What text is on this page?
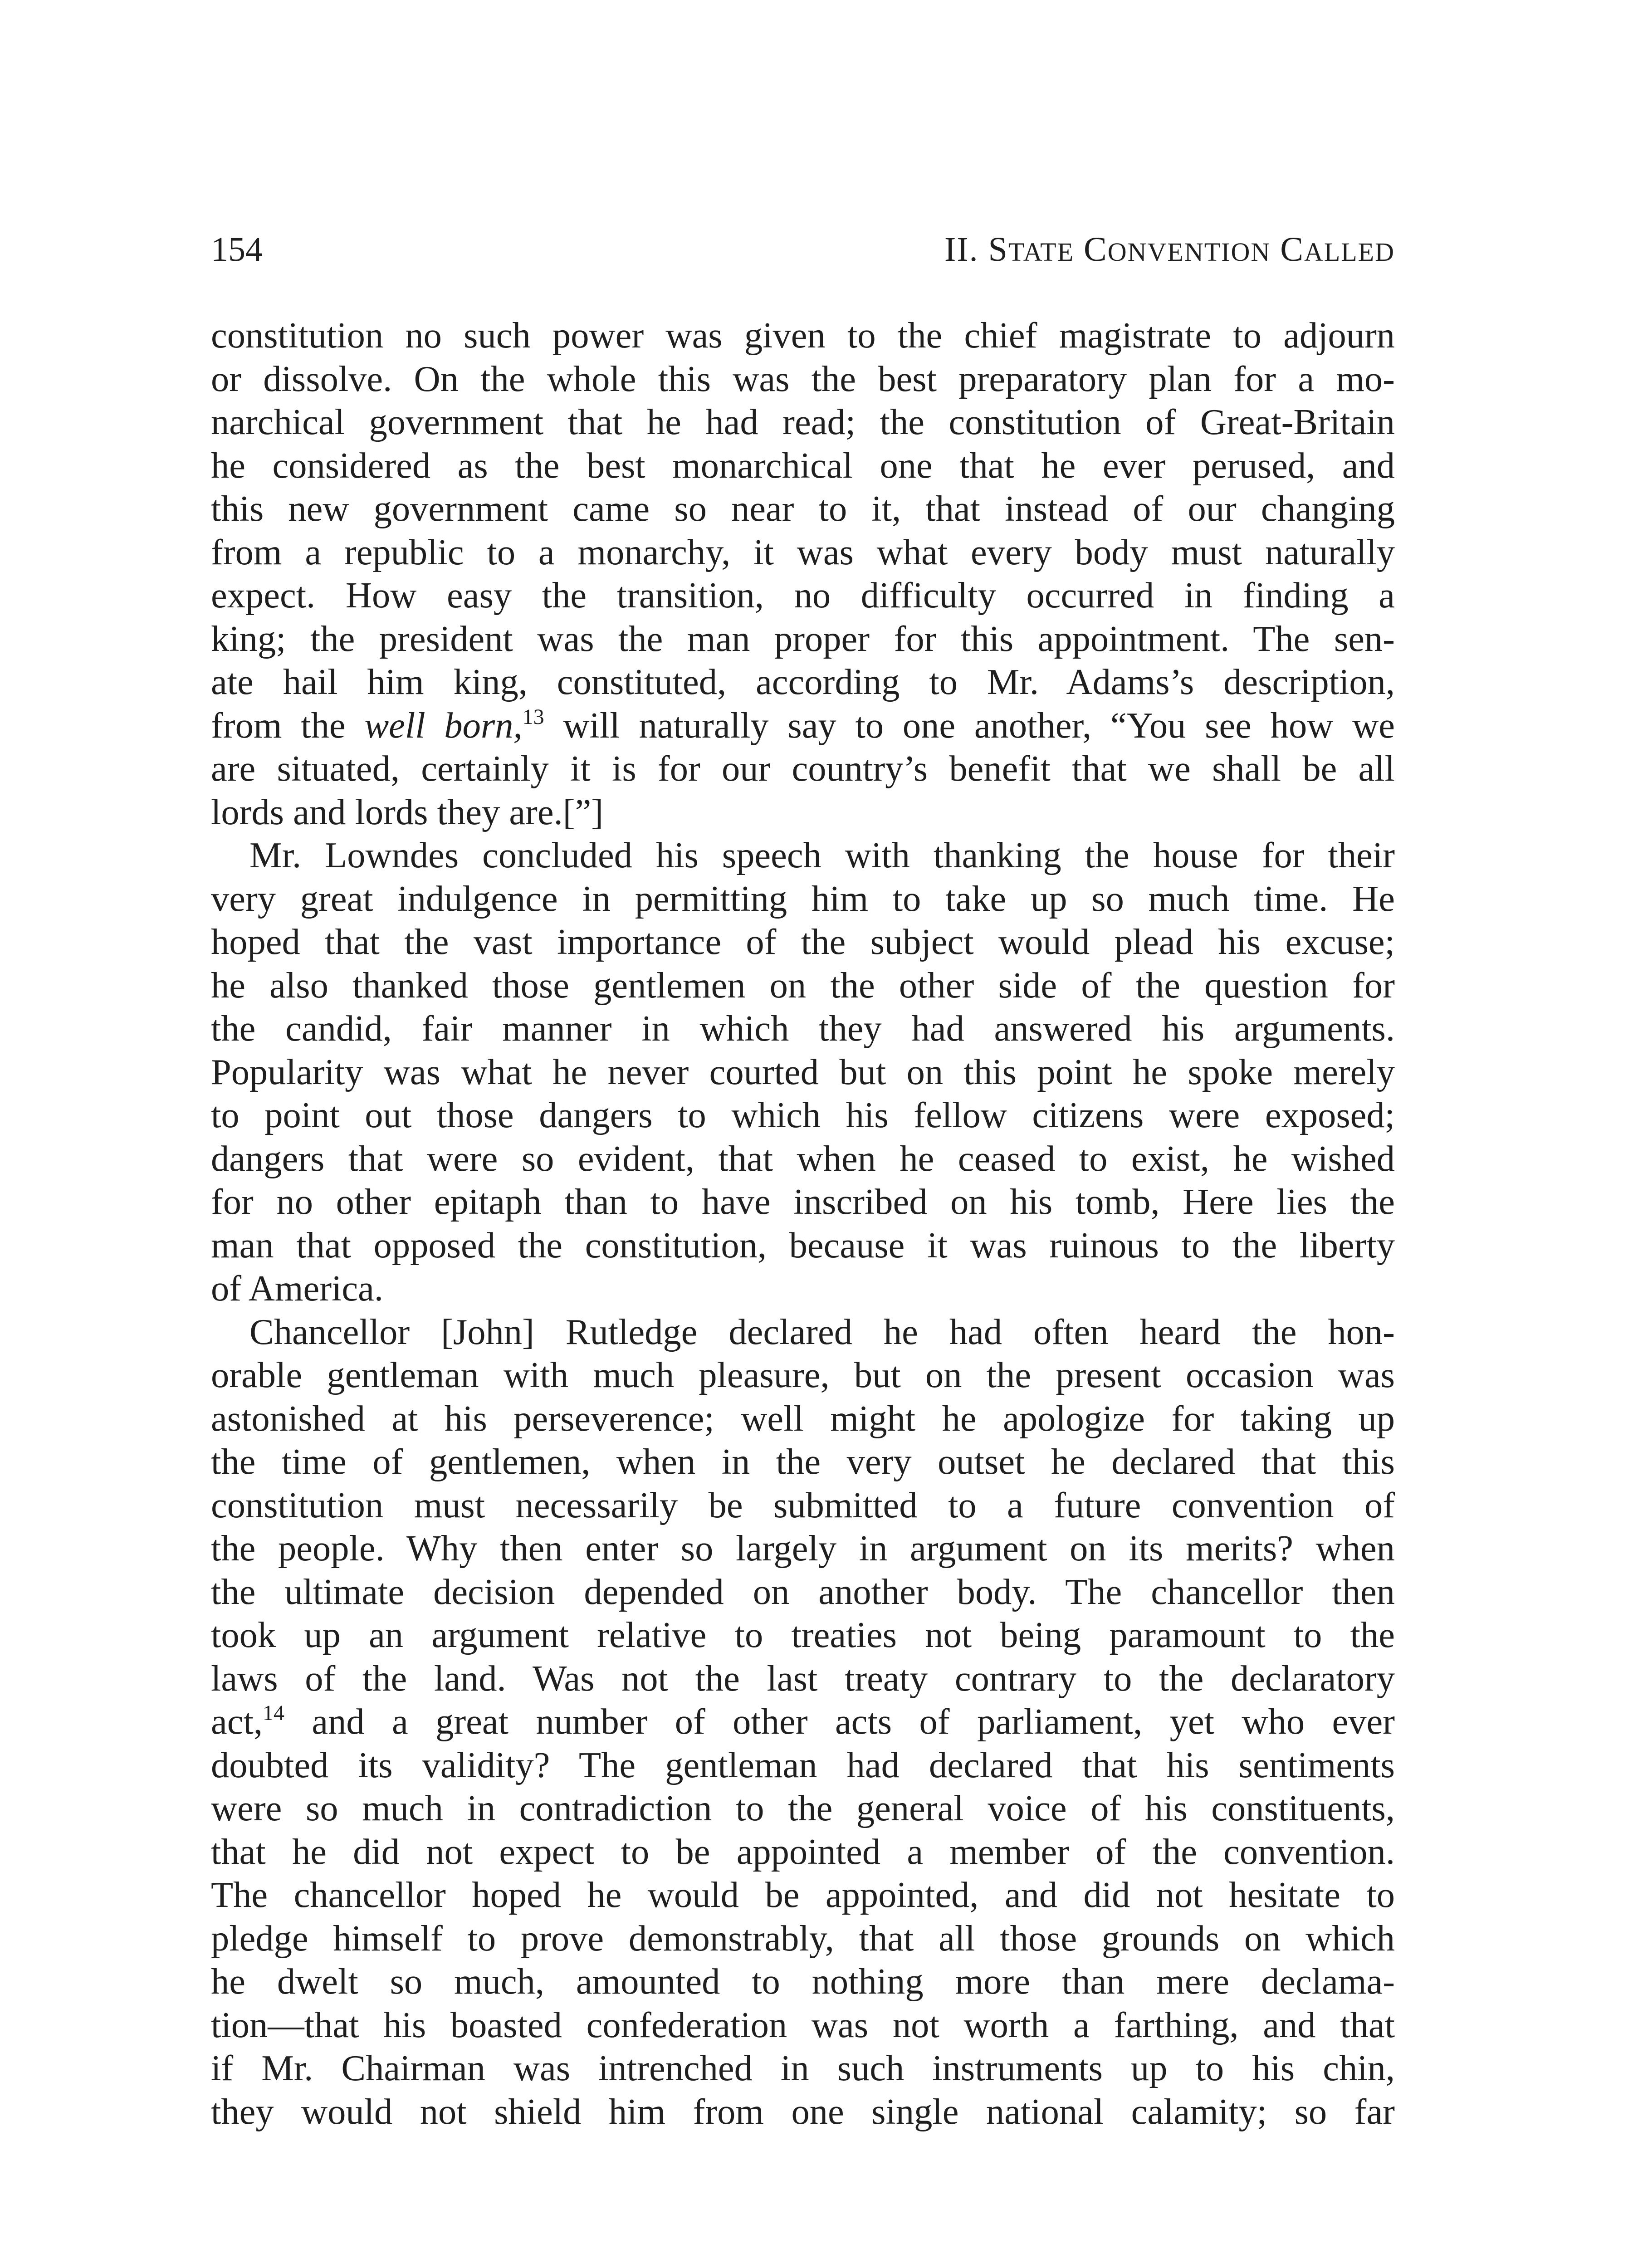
154	II. STATE CONVENTION CALLED
constitution no such power was given to the chief magistrate to adjourn
or dissolve. On the whole this was the best preparatory plan for a mo-
narchical government that he had read; the constitution of Great-Britain
he considered as the best monarchical one that he ever perused, and
this new government came so near to it, that instead of our changing
from a republic to a monarchy, it was what every body must naturally
expect. How easy the transition, no difficulty occurred in finding a
king; the president was the man proper for this appointment. The sen-
ate hail him king, constituted, according to Mr. Adams’s description,
from the well born,$^{13}$ will naturally say to one another, “You see how we
are situated, certainly it is for our country’s benefit that we shall be all
lords and lords they are.[”]
Mr. Lowndes concluded his speech with thanking the house for their
very great indulgence in permitting him to take up so much time. He
hoped that the vast importance of the subject would plead his excuse;
he also thanked those gentlemen on the other side of the question for
the candid, fair manner in which they had answered his arguments.
Popularity was what he never courted but on this point he spoke merely
to point out those dangers to which his fellow citizens were exposed;
dangers that were so evident, that when he ceased to exist, he wished
for no other epitaph than to have inscribed on his tomb, Here lies the
man that opposed the constitution, because it was ruinous to the liberty
of America.
Chancellor [John] Rutledge declared he had often heard the hon-
orable gentleman with much pleasure, but on the present occasion was
astonished at his perseverence; well might he apologize for taking up
the time of gentlemen, when in the very outset he declared that this
constitution must necessarily be submitted to a future convention of
the people. Why then enter so largely in argument on its merits? when
the ultimate decision depended on another body. The chancellor then
took up an argument relative to treaties not being paramount to the
laws of the land. Was not the last treaty contrary to the declaratory
act,$^{14}$ and a great number of other acts of parliament, yet who ever
doubted its validity? The gentleman had declared that his sentiments
were so much in contradiction to the general voice of his constituents,
that he did not expect to be appointed a member of the convention.
The chancellor hoped he would be appointed, and did not hesitate to
pledge himself to prove demonstrably, that all those grounds on which
he dwelt so much, amounted to nothing more than mere declama-
tion—that his boasted confederation was not worth a farthing, and that
if Mr. Chairman was intrenched in such instruments up to his chin,
they would not shield him from one single national calamity; so far
